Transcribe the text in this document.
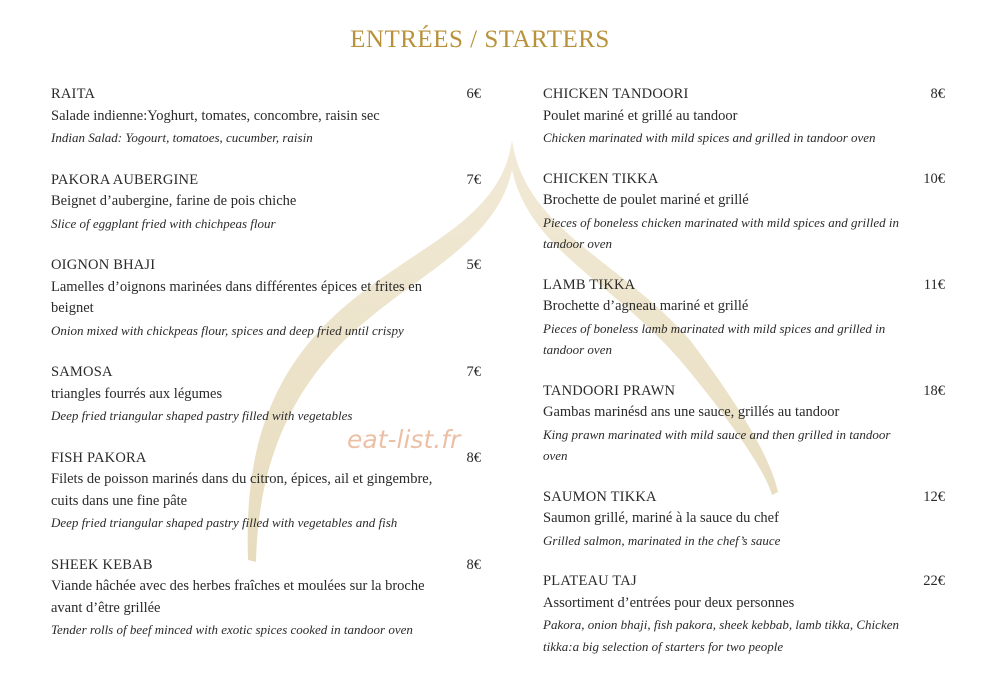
ENTRÉES / STARTERS
RAITA	6€
Salade indienne:Yoghurt, tomates, concombre, raisin sec
Indian Salad: Yogourt, tomatoes, cucumber, raisin
PAKORA AUBERGINE	7€
Beignet d’aubergine, farine de pois chiche
Slice of eggplant fried with chichpeas flour
OIGNON BHAJI	5€
Lamelles d’oignons marinées dans différentes épices et frites en beignet
Onion mixed with chickpeas flour, spices and deep fried until crispy
SAMOSA	7€
triangles fourrés aux légumes
Deep fried triangular shaped pastry filled with vegetables
FISH PAKORA	8€
Filets de poisson marinés dans du citron, épices, ail et gingembre, cuits dans une fine pâte
Deep fried triangular shaped pastry filled with vegetables and fish
SHEEK KEBAB	8€
Viande hâchée avec des herbes fraîches et moulées sur la broche avant d’être grillée
Tender rolls of beef minced with exotic spices cooked in tandoor oven
CHICKEN TANDOORI	8€
Poulet mariné et grillé au tandoor
Chicken marinated with mild spices and grilled in tandoor oven
CHICKEN TIKKA	10€
Brochette de poulet mariné et grillé
Pieces of boneless chicken marinated with mild spices and grilled in tandoor oven
LAMB TIKKA	11€
Brochette d’agneau mariné et grillé
Pieces of boneless lamb marinated with mild spices and grilled in tandoor oven
TANDOORI PRAWN	18€
Gambas marinésd ans une sauce, grillés au tandoor
King prawn marinated with mild sauce and then grilled in tandoor oven
SAUMON TIKKA	12€
Saumon grillé, mariné à la sauce du chef
Grilled salmon, marinated in the chef’s sauce
PLATEAU TAJ	22€
Assortiment d’entrées pour deux personnes
Pakora, onion bhaji, fish pakora, sheek kebbab, lamb tikka, Chicken tikka:a big selection of starters for two people
eat-list.fr
